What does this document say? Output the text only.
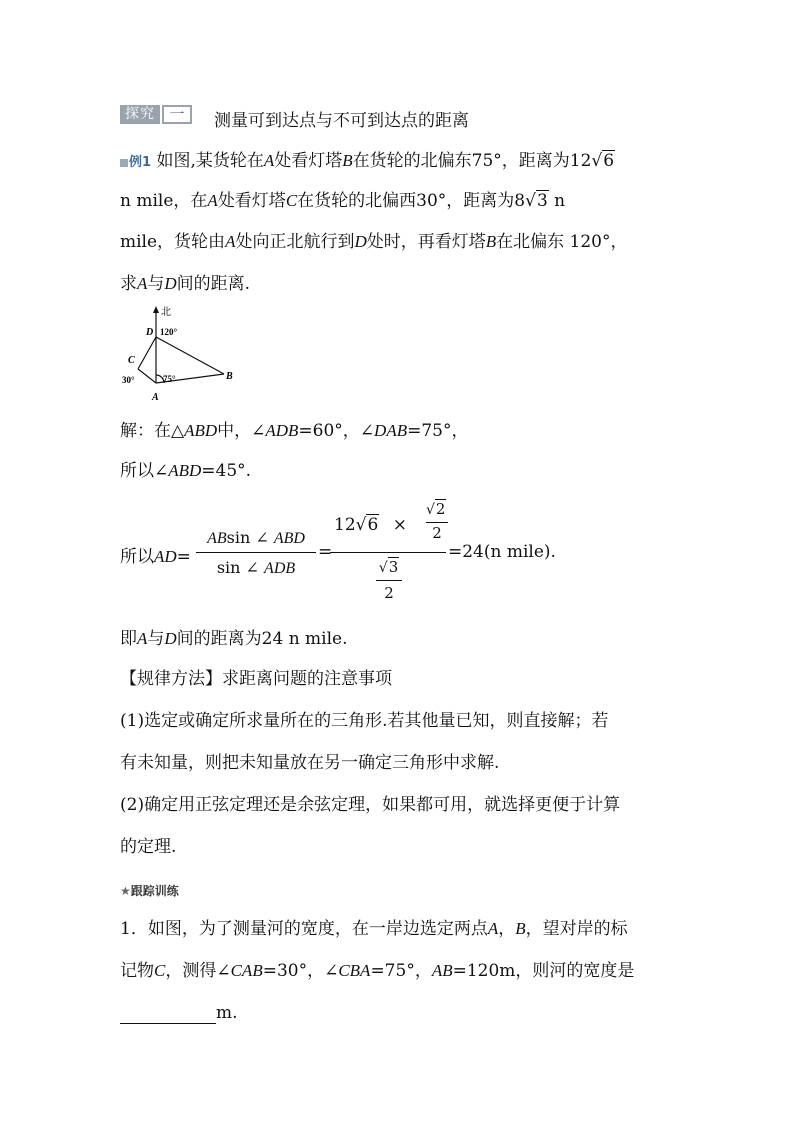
探究 一	测量可到达点与不可到达点的距离
例1 如图,某货轮在A处看灯塔B在货轮的北偏东75°，距离为12√6
n mile，在A处看灯塔C在货轮的北偏西30°，距离为8√3 n
mile，货轮由A处向正北航行到D处时，再看灯塔B在北偏东 120°，
求A与D间的距离.
北
D 120°
C
30°	75°	B
A
解：在△ABD中，∠ADB=60°，∠DAB=75°，
所以∠ABD=45°.
所以AD=
ABsin ∠ ABD
sin ∠ ADB
=
12√6 ×
√2
2
√3
2
=24(n mile).
即A与D间的距离为24 n mile.
【规律方法】求距离问题的注意事项
(1)选定或确定所求量所在的三角形.若其他量已知，则直接解；若
有未知量，则把未知量放在另一确定三角形中求解.
(2)确定用正弦定理还是余弦定理，如果都可用，就选择更便于计算
的定理.
★跟踪训练
1．如图，为了测量河的宽度，在一岸边选定两点A，B，望对岸的标
记物C，测得∠CAB=30°，∠CBA=75°，AB=120m，则河的宽度是
m.
